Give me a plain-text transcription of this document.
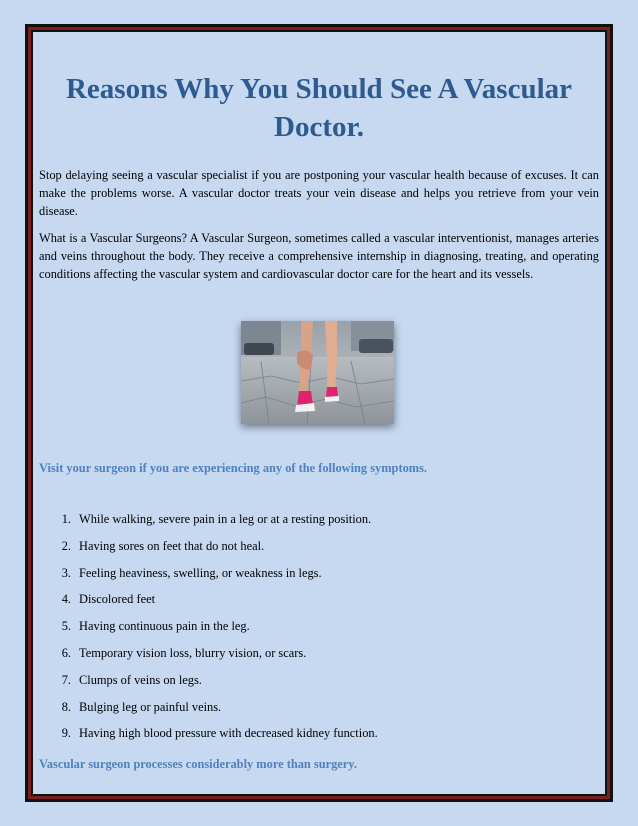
Reasons Why You Should See A Vascular Doctor.

Stop delaying seeing a vascular specialist if you are postponing your vascular health because of excuses. It can make the problems worse. A vascular doctor treats your vein disease and helps you retrieve from your vein disease.

What is a Vascular Surgeons? A Vascular Surgeon, sometimes called a vascular interventionist, manages arteries and veins throughout the body. They receive a comprehensive internship in diagnosing, treating, and operating conditions affecting the vascular system and cardiovascular doctor care for the heart and its vessels.

Visit your surgeon if you are experiencing any of the following symptoms.
1. While walking, severe pain in a leg or at a resting position.
2. Having sores on feet that do not heal.
3. Feeling heaviness, swelling, or weakness in legs.
4. Discolored feet
5. Having continuous pain in the leg.
6. Temporary vision loss, blurry vision, or scars.
7. Clumps of veins on legs.
8. Bulging leg or painful veins.
9. Having high blood pressure with decreased kidney function.
Vascular surgeon processes considerably more than surgery.
